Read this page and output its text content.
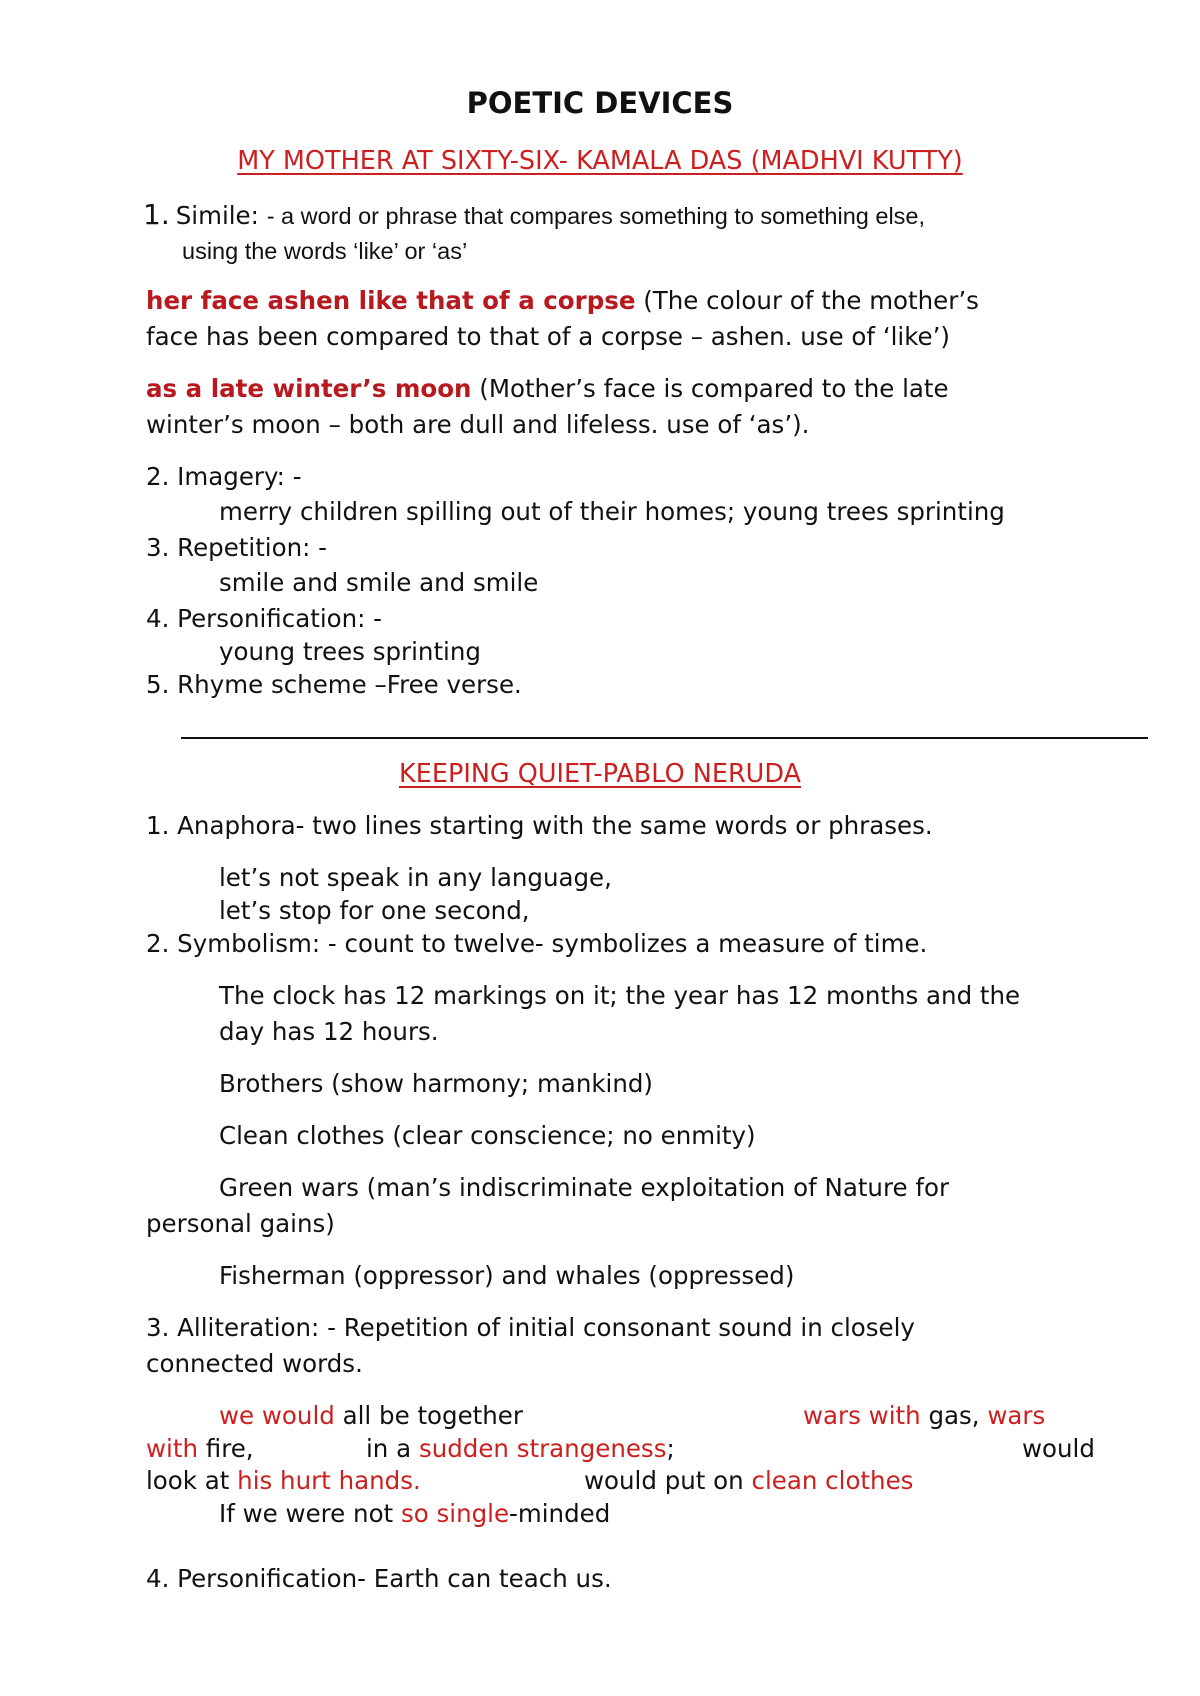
POETIC DEVICES
MY MOTHER AT SIXTY-SIX- KAMALA DAS (MADHVI KUTTY)
1. Simile: - a word or phrase that compares something to something else,
using the words ‘like’ or ‘as’
her face ashen like that of a corpse (The colour of the mother’s
face has been compared to that of a corpse – ashen. use of ‘like’)
as a late winter’s moon (Mother’s face is compared to the late
winter’s moon – both are dull and lifeless. use of ‘as’).
2. Imagery: -
merry children spilling out of their homes; young trees sprinting
3. Repetition: -
smile and smile and smile
4. Personification: -
young trees sprinting
5. Rhyme scheme –Free verse.
KEEPING QUIET-PABLO NERUDA
1. Anaphora- two lines starting with the same words or phrases.
let’s not speak in any language,
let’s stop for one second,
2. Symbolism: - count to twelve- symbolizes a measure of time.
The clock has 12 markings on it; the year has 12 months and the
day has 12 hours.
Brothers (show harmony; mankind)
Clean clothes (clear conscience; no enmity)
Green wars (man’s indiscriminate exploitation of Nature for
personal gains)
Fisherman (oppressor) and whales (oppressed)
3. Alliteration: - Repetition of initial consonant sound in closely
connected words.
we would all be together	wars with gas, wars
with fire,	in a sudden strangeness;	would
look at his hurt hands.	would put on clean clothes
If we were not so single-minded
4. Personification- Earth can teach us.
